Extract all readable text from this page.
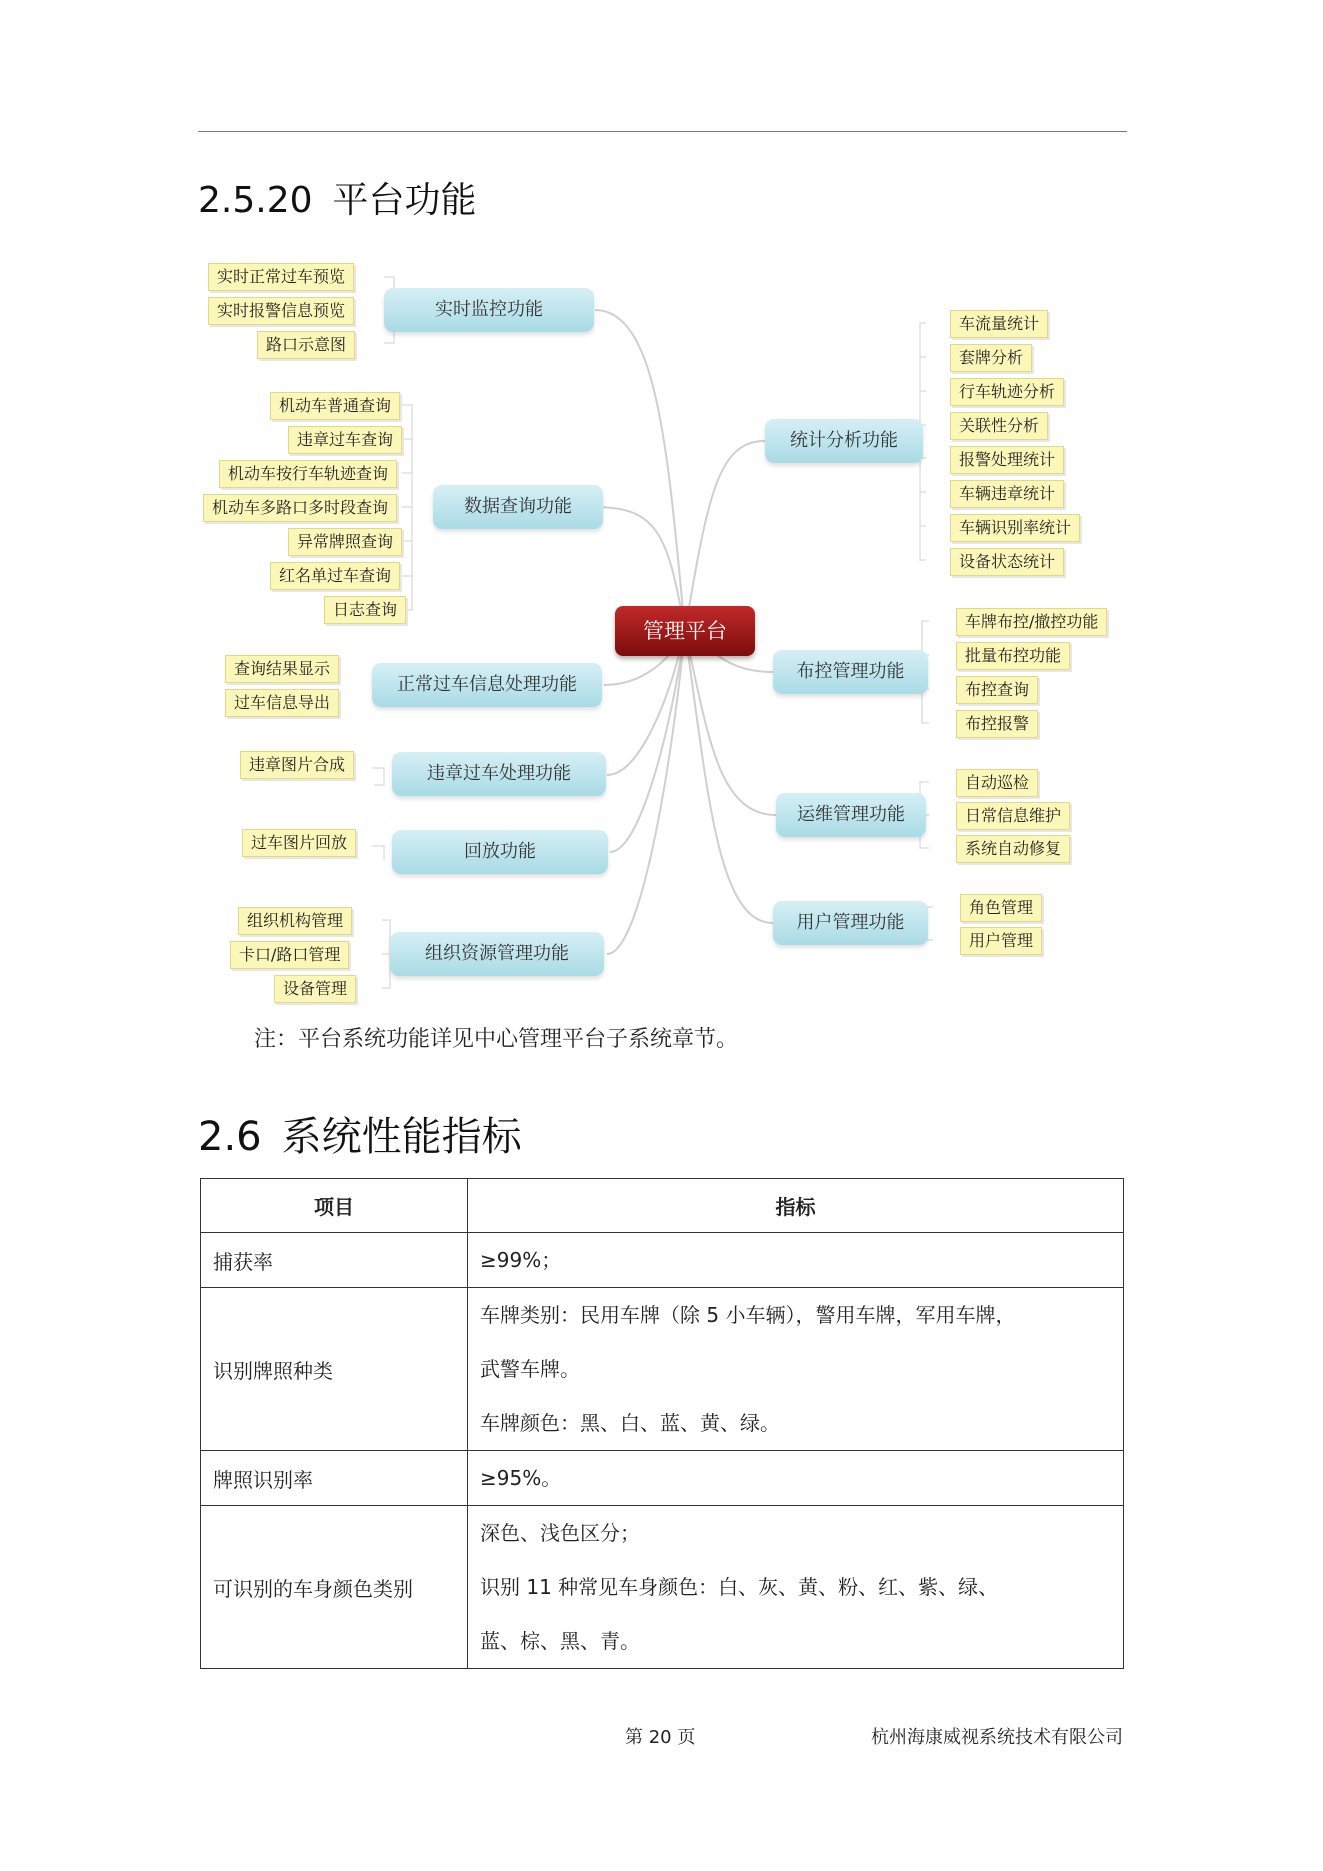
2.5.20 平台功能
实时正常过车预览
实时报警信息预览
路口示意图
实时监控功能
机动车普通查询
违章过车查询
机动车按行车轨迹查询
机动车多路口多时段查询
异常牌照查询
红名单过车查询
日志查询
数据查询功能
查询结果显示
过车信息导出
正常过车信息处理功能
违章图片合成	违章过车处理功能
过车图片回放	回放功能
组织机构管理
卡口/路口管理
设备管理
组织资源管理功能
管理平台
统计分析功能
车流量统计
套牌分析
行车轨迹分析
关联性分析
报警处理统计
车辆违章统计
车辆识别率统计
设备状态统计
布控管理功能
车牌布控/撤控功能
批量布控功能
布控查询
布控报警
运维管理功能
自动巡检
日常信息维护
系统自动修复
用户管理功能
角色管理
用户管理
注：平台系统功能详见中心管理平台子系统章节。
2.6 系统性能指标
项目	指标
捕获率	≥99%；

识别牌照种类	车牌类别：民用车牌（除 5 小车辆），警用车牌，军用车牌，
武警车牌。
车牌颜色：黑、白、蓝、黄、绿。

牌照识别率	≥95%。

可识别的车身颜色类别	深色、浅色区分；
识别 11 种常见车身颜色：白、灰、黄、粉、红、紫、绿、
蓝、棕、黑、青。
第 20 页	杭州海康威视系统技术有限公司
